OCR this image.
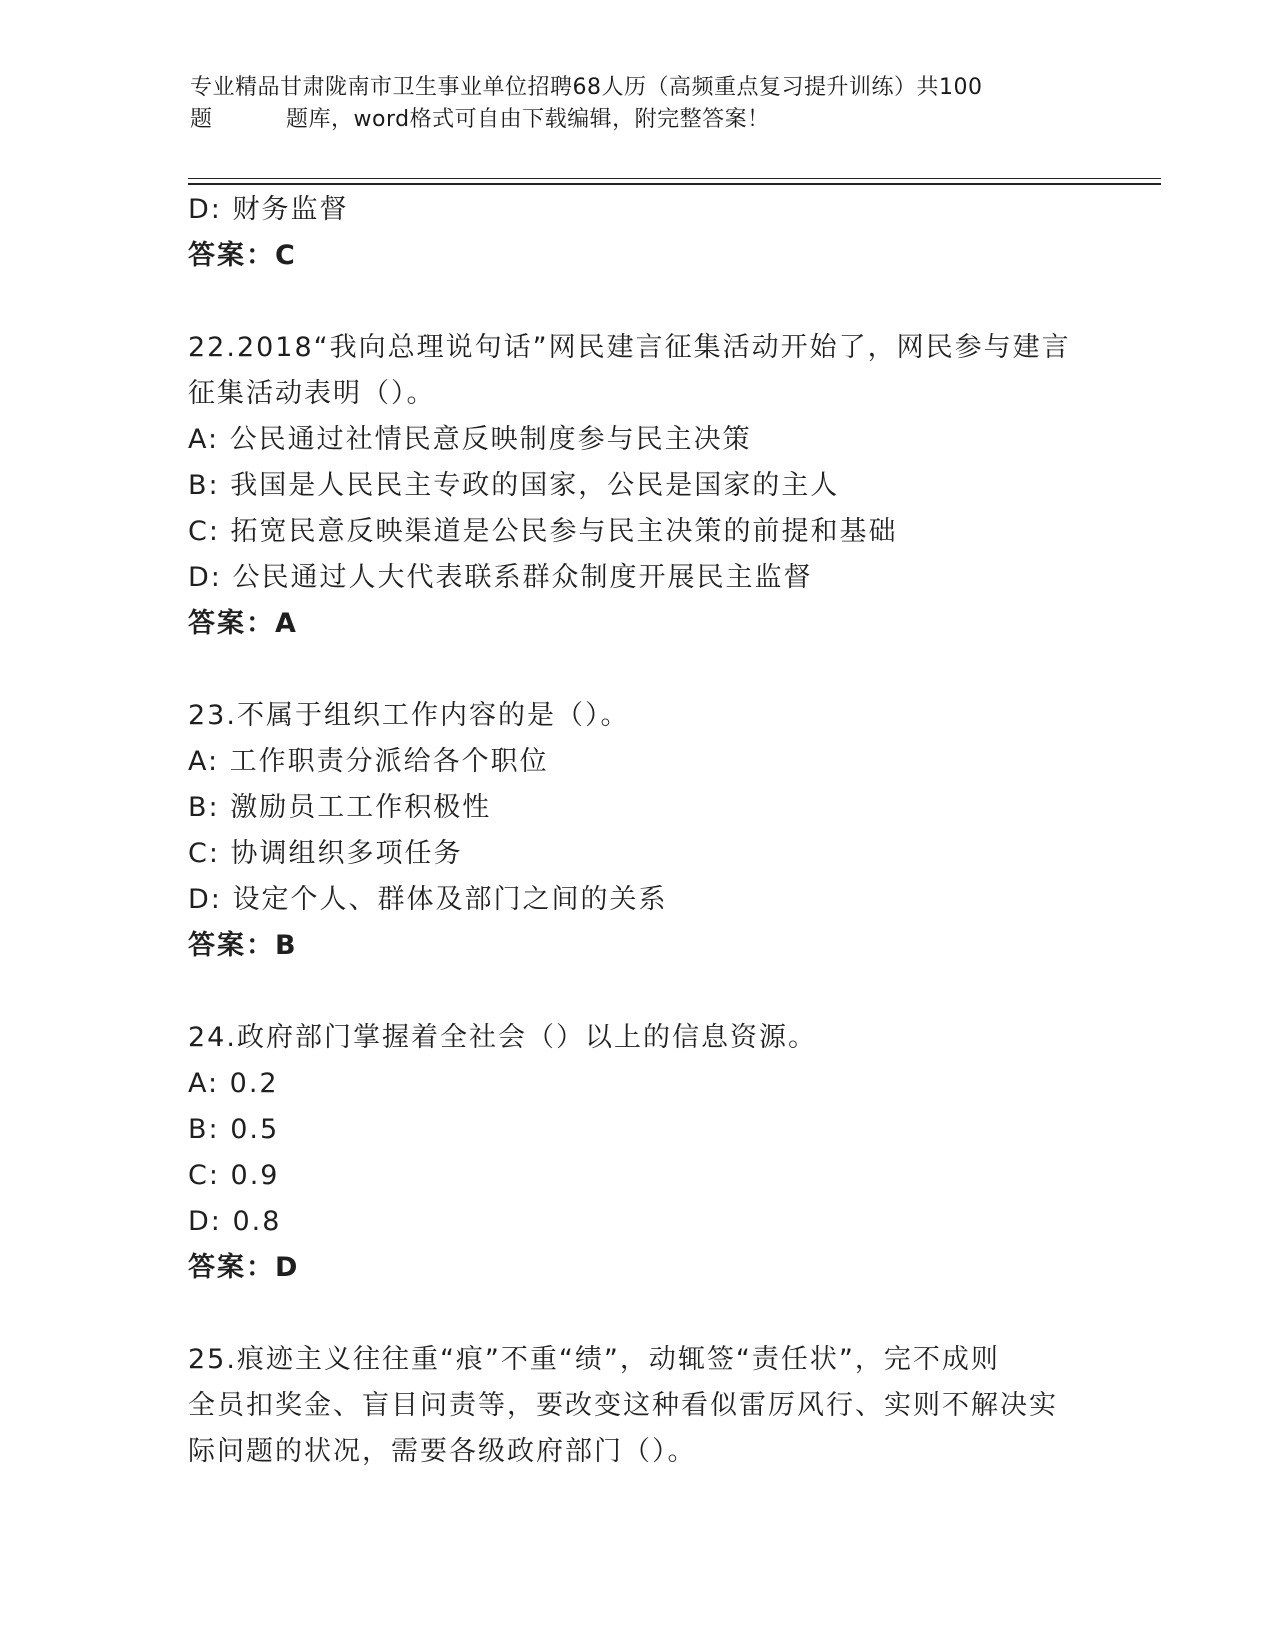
专业精品甘肃陇南市卫生事业单位招聘68人历（高频重点复习提升训练）共100
题	题库，word格式可自由下载编辑，附完整答案！
D: 财务监督
答案：C
22.2018“我向总理说句话”网民建言征集活动开始了，网民参与建言
征集活动表明（）。
A: 公民通过社情民意反映制度参与民主决策
B: 我国是人民民主专政的国家，公民是国家的主人
C: 拓宽民意反映渠道是公民参与民主决策的前提和基础
D: 公民通过人大代表联系群众制度开展民主监督
答案：A
23.不属于组织工作内容的是（）。
A: 工作职责分派给各个职位
B: 激励员工工作积极性
C: 协调组织多项任务
D: 设定个人、群体及部门之间的关系
答案：B
24.政府部门掌握着全社会（）以上的信息资源。
A: 0.2
B: 0.5
C: 0.9
D: 0.8
答案：D
25.痕迹主义往往重“痕”不重“绩”，动辄签“责任状”，完不成则
全员扣奖金、盲目问责等，要改变这种看似雷厉风行、实则不解决实
际问题的状况，需要各级政府部门（）。
